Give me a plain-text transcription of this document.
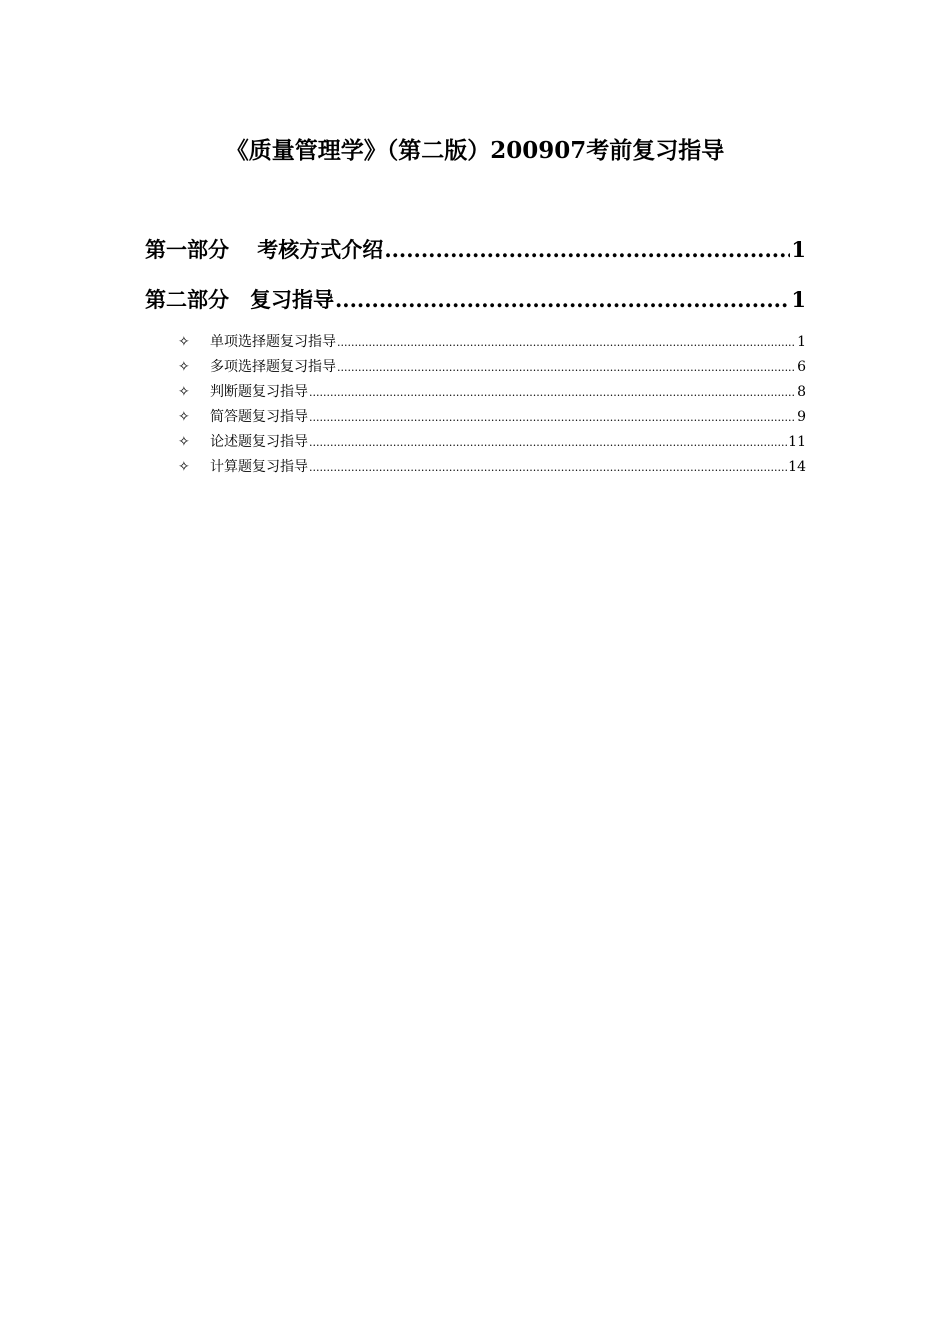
《质量管理学》（第二版）200907考前复习指导
第一部分　 考核方式介绍 .....	1
第二部分　复习指导 .....	1
✧	单项选择题复习指导 .....	1
✧	多项选择题复习指导 .....	6
✧	判断题复习指导 .....	8
✧	简答题复习指导 .....	9
✧	论述题复习指导 .....	11
✧	计算题复习指导 .....	14
